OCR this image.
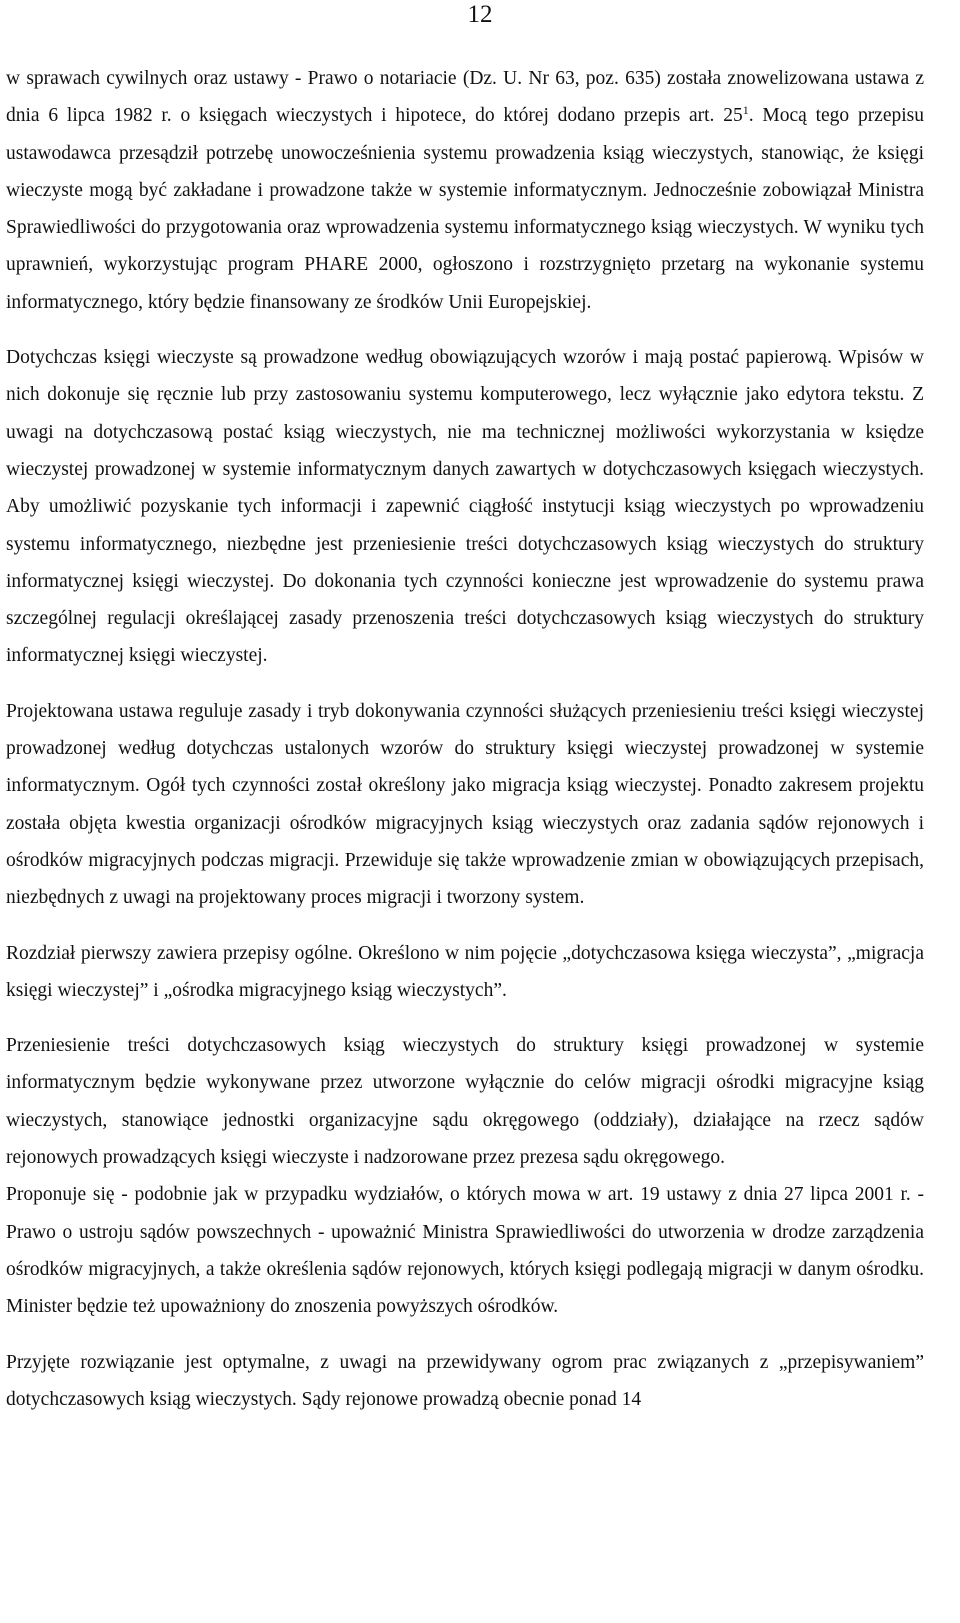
12

w sprawach cywilnych oraz ustawy - Prawo o notariacie (Dz. U. Nr 63, poz. 635) została znowelizowana ustawa z dnia 6 lipca 1982 r. o księgach wieczystych i hipotece, do której dodano przepis art. $25^1$. Mocą tego przepisu ustawodawca przesądził potrzebę unowocześnienia systemu prowadzenia ksiąg wieczystych, stanowiąc, że księgi wieczyste mogą być zakładane i prowadzone także w systemie informatycznym. Jednocześnie zobowiązał Ministra Sprawiedliwości do przygotowania oraz wprowadzenia systemu informatycznego ksiąg wieczystych. W wyniku tych uprawnień, wykorzystując program PHARE 2000, ogłoszono i rozstrzygnięto przetarg na wykonanie systemu informatycznego, który będzie finansowany ze środków Unii Europejskiej.

Dotychczas księgi wieczyste są prowadzone według obowiązujących wzorów i mają postać papierową. Wpisów w nich dokonuje się ręcznie lub przy zastosowaniu systemu komputerowego, lecz wyłącznie jako edytora tekstu. Z uwagi na dotychczasową postać ksiąg wieczystych, nie ma technicznej możliwości wykorzystania w księdze wieczystej prowadzonej w systemie informatycznym danych zawartych w dotychczasowych księgach wieczystych. Aby umożliwić pozyskanie tych informacji i zapewnić ciągłość instytucji ksiąg wieczystych po wprowadzeniu systemu informatycznego, niezbędne jest przeniesienie treści dotychczasowych ksiąg wieczystych do struktury informatycznej księgi wieczystej. Do dokonania tych czynności konieczne jest wprowadzenie do systemu prawa szczególnej regulacji określającej zasady przenoszenia treści dotychczasowych ksiąg wieczystych do struktury informatycznej księgi wieczystej.

Projektowana ustawa reguluje zasady i tryb dokonywania czynności służących przeniesieniu treści księgi wieczystej prowadzonej według dotychczas ustalonych wzorów do struktury księgi wieczystej prowadzonej w systemie informatycznym. Ogół tych czynności został określony jako migracja ksiąg wieczystej. Ponadto zakresem projektu została objęta kwestia organizacji ośrodków migracyjnych ksiąg wieczystych oraz zadania sądów rejonowych i ośrodków migracyjnych podczas migracji. Przewiduje się także wprowadzenie zmian w obowiązujących przepisach, niezbędnych z uwagi na projektowany proces migracji i tworzony system.

Rozdział pierwszy zawiera przepisy ogólne. Określono w nim pojęcie „dotychczasowa księga wieczysta”, „migracja księgi wieczystej” i „ośrodka migracyjnego ksiąg wieczystych”.

Przeniesienie treści dotychczasowych ksiąg wieczystych do struktury księgi prowadzonej w systemie informatycznym będzie wykonywane przez utworzone wyłącznie do celów migracji ośrodki migracyjne ksiąg wieczystych, stanowiące jednostki organizacyjne sądu okręgowego (oddziały), działające na rzecz sądów rejonowych prowadzących księgi wieczyste i nadzorowane przez prezesa sądu okręgowego.

Proponuje się - podobnie jak w przypadku wydziałów, o których mowa w art. 19 ustawy z dnia 27 lipca 2001 r. - Prawo o ustroju sądów powszechnych - upoważnić Ministra Sprawiedliwości do utworzenia w drodze zarządzenia ośrodków migracyjnych, a także określenia sądów rejonowych, których księgi podlegają migracji w danym ośrodku. Minister będzie też upoważniony do znoszenia powyższych ośrodków.

Przyjęte rozwiązanie jest optymalne, z uwagi na przewidywany ogrom prac związanych z „przepisywaniem” dotychczasowych ksiąg wieczystych. Sądy rejonowe prowadzą obecnie ponad 14
